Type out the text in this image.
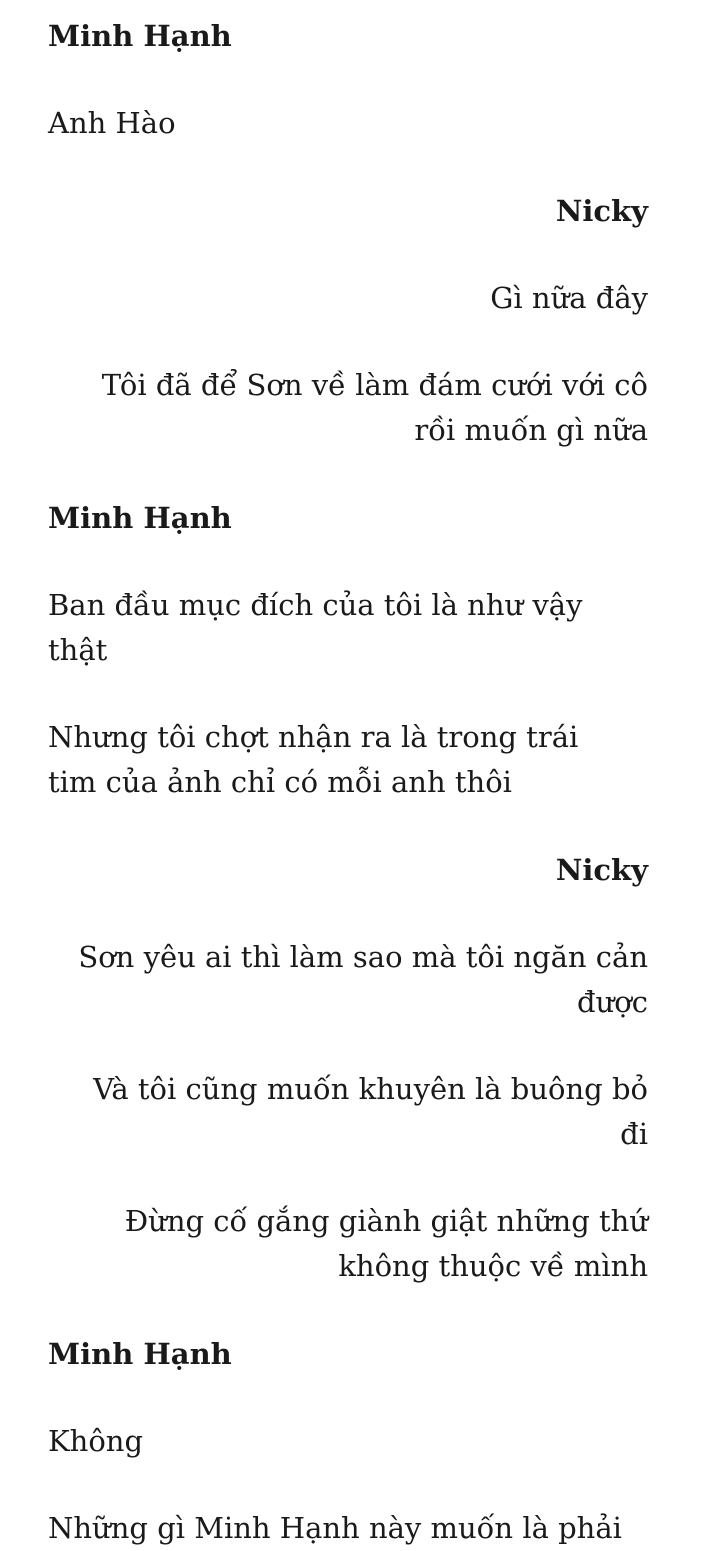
Minh Hạnh

Anh Hào

Nicky

Gì nữa đây

Tôi đã để Sơn về làm đám cưới với cô rồi muốn gì nữa

Minh Hạnh

Ban đầu mục đích của tôi là như vậy thật

Nhưng tôi chợt nhận ra là trong trái tim của ảnh chỉ có mỗi anh thôi

Nicky

Sơn yêu ai thì làm sao mà tôi ngăn cản được

Và tôi cũng muốn khuyên là buông bỏ đi

Đừng cố gắng giành giật những thứ không thuộc về mình

Minh Hạnh

Không

Những gì Minh Hạnh này muốn là phải
